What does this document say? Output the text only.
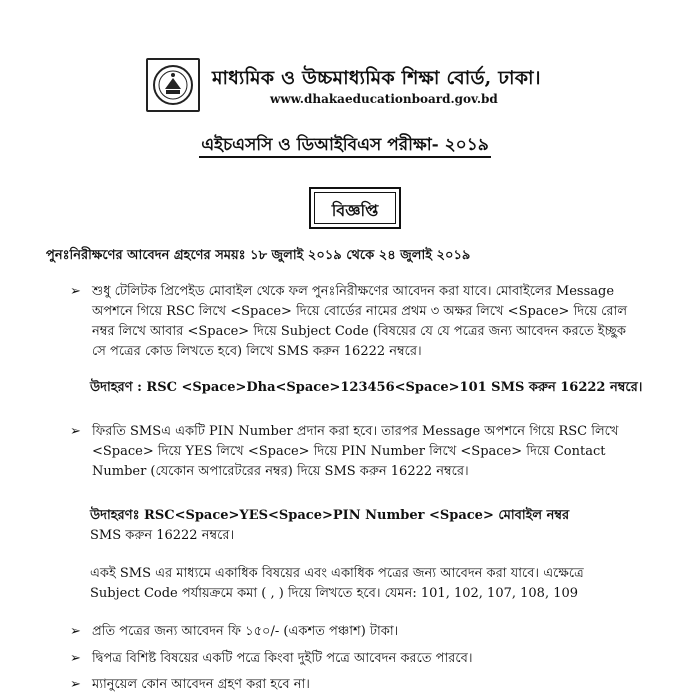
মাধ্যমিক ও উচ্চমাধ্যমিক শিক্ষা বোর্ড, ঢাকা।
www.dhakaeducationboard.gov.bd
এইচএসসি ও ডিআইবিএস পরীক্ষা- ২০১৯
বিজ্ঞপ্তি
পুনঃনিরীক্ষণের আবেদন গ্রহণের সময়ঃ ১৮ জুলাই ২০১৯ থেকে ২৪ জুলাই ২০১৯
➢ শুধু টেলিটক প্রিপেইড মোবাইল থেকে ফল পুনঃনিরীক্ষণের আবেদন করা যাবে। মোবাইলের Message
অপশনে গিয়ে RSC লিখে <Space> দিয়ে বোর্ডের নামের প্রথম ৩ অক্ষর লিখে <Space> দিয়ে রোল
নম্বর লিখে আবার <Space> দিয়ে Subject Code (বিষয়ের যে যে পত্রের জন্য আবেদন করতে ইচ্ছুক
সে পত্রের কোড লিখতে হবে) লিখে SMS করুন 16222 নম্বরে।
উদাহরণ : RSC <Space>Dha<Space>123456<Space>101 SMS করুন 16222 নম্বরে।
➢ ফিরতি SMSএ একটি PIN Number প্রদান করা হবে। তারপর Message অপশনে গিয়ে RSC লিখে
<Space> দিয়ে YES লিখে <Space> দিয়ে PIN Number লিখে <Space> দিয়ে Contact
Number (যেকোন অপারেটরের নম্বর) দিয়ে SMS করুন 16222 নম্বরে।
উদাহরণঃ RSC<Space>YES<Space>PIN Number <Space> মোবাইল নম্বর
SMS করুন 16222 নম্বরে।
একই SMS এর মাধ্যমে একাধিক বিষয়ের এবং একাধিক পত্রের জন্য আবেদন করা যাবে। এক্ষেত্রে
Subject Code পর্যায়ক্রমে কমা ( , ) দিয়ে লিখতে হবে। যেমন: 101, 102, 107, 108, 109
➢ প্রতি পত্রের জন্য আবেদন ফি ১৫০/- (একশত পঞ্চাশ) টাকা।
➢ দ্বিপত্র বিশিষ্ট বিষয়ের একটি পত্রে কিংবা দুইটি পত্রে আবেদন করতে পারবে।
➢ ম্যানুয়েল কোন আবেদন গ্রহণ করা হবে না।
